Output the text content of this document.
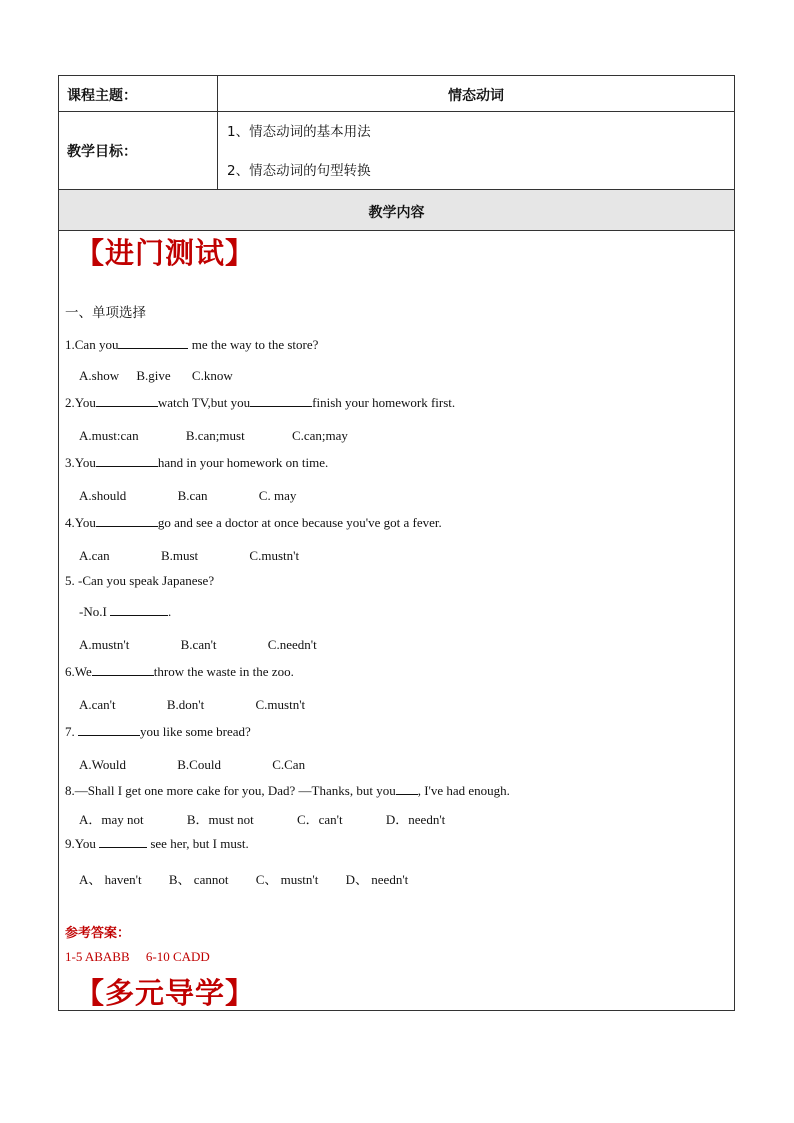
课程主题：	情态动词
教学目标：
1、情态动词的基本用法
2、情态动词的句型转换
教学内容
【进门测试】
一、单项选择
1.Can you	me the way to the store?
A.show B.give C.know
2.You	watch TV,but you	finish your homework first.
A.must:can	B.can;must	C.can;may
3.You	hand in your homework on time.
A.should	B.can	C. may
4.You	go and see a doctor at once because you've got a fever.
A.can	B.must	C.mustn't
5. -Can you speak Japanese?
-No.I	.
A.mustn't	B.can't	C.needn't
6.We	throw the waste in the zoo.
A.can't	B.don't	C.mustn't
7.	you like some bread?
A.Would	B.Could	C.Can
8.—Shall I get one more cake for you, Dad? —Thanks, but you , I've had enough.
A．may not	B．must not	C．can't	D．needn't
9.You	see her, but I must.
A、 haven't B、 cannot C、 mustn't D、 needn't
参考答案：
1-5 ABABB     6-10 CADD
【多元导学】
